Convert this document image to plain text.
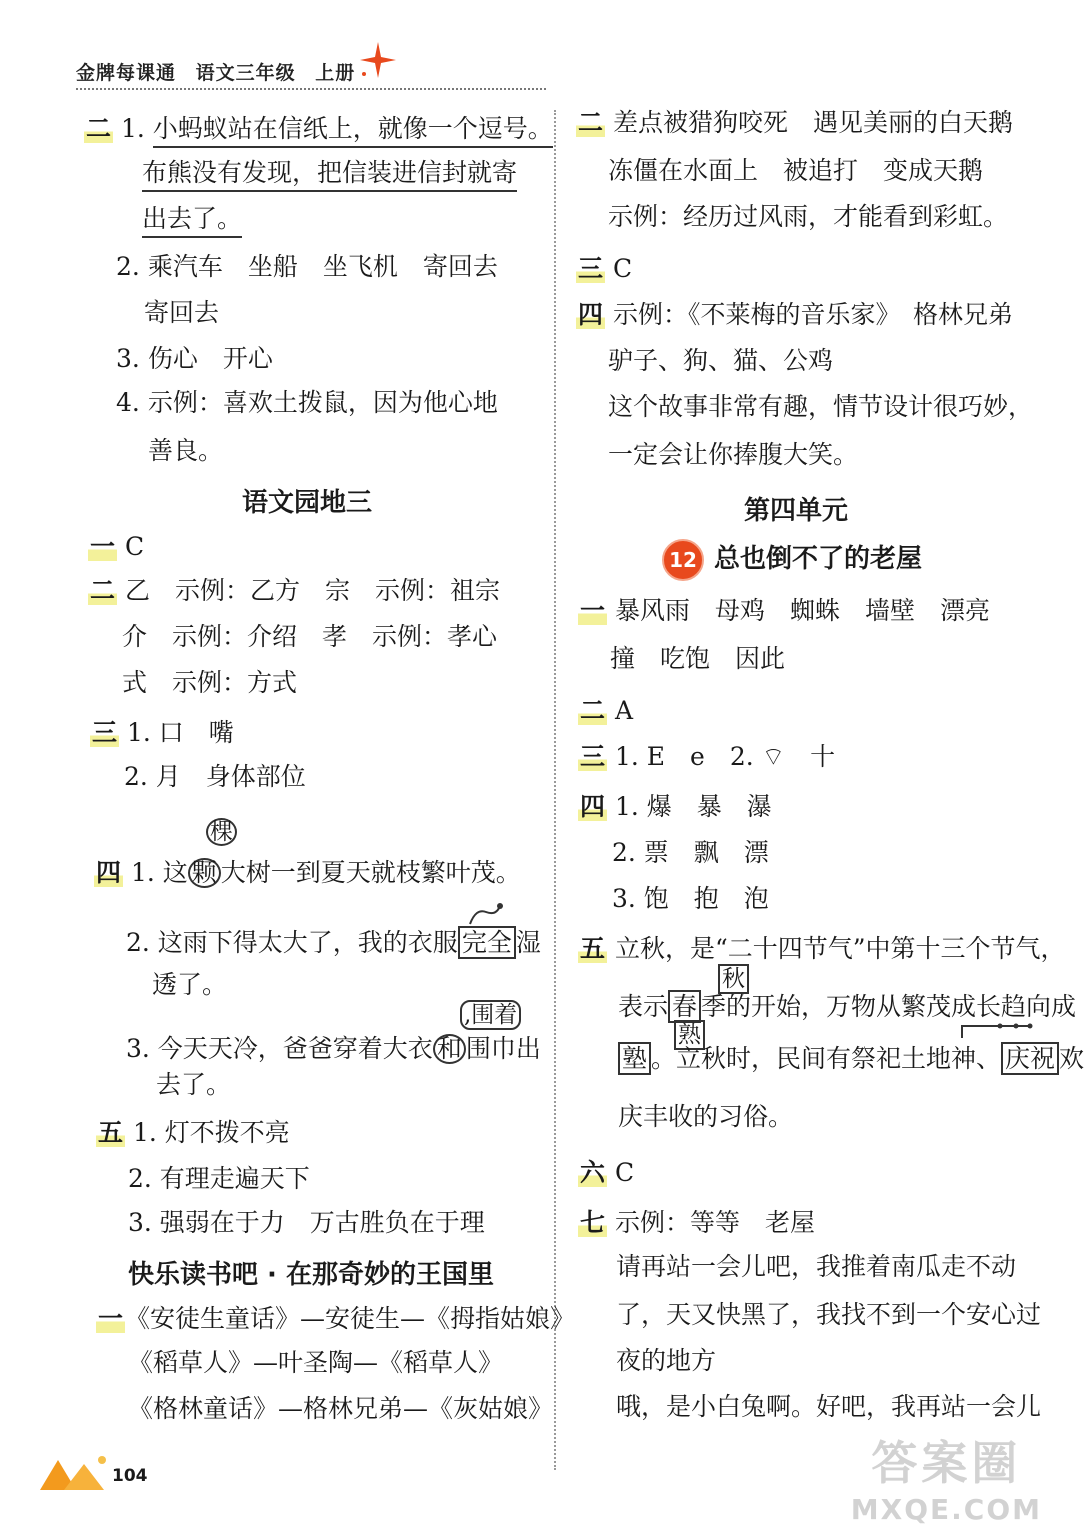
金牌每课通 语文三年级 上册
二 1. 小蚂蚁站在信纸上，就像一个逗号。
布熊没有发现，把信装进信封就寄
出去了。
2. 乘汽车　坐船　坐飞机　寄回去
寄回去
3. 伤心　开心
4. 示例：喜欢土拨鼠，因为他心地
善良。
语文园地三
一 C
二 乙　示例：乙方　宗　示例：祖宗
介　示例：介绍　孝　示例：孝心
式　示例：方式
三 1. 口　嘴
2. 月　身体部位
棵
四 1. 这 颗 大树一到夏天就枝繁叶茂。
2. 这雨下得太大了，我的衣服 完全 湿
透了。
,围着
3. 今天天冷，爸爸穿着大衣 和 围巾出
去了。
五 1. 灯不拨不亮
2. 有理走遍天下
3. 强弱在于力　万古胜负在于理
快乐读书吧 · 在那奇妙的王国里
一《安徒生童话》—安徒生—《拇指姑娘》
《稻草人》—叶圣陶—《稻草人》
《格林童话》—格林兄弟—《灰姑娘》
二 差点被猎狗咬死　遇见美丽的白天鹅
冻僵在水面上　被追打　变成天鹅
示例：经历过风雨，才能看到彩虹。
三 C
四 示例：《不莱梅的音乐家》　格林兄弟
驴子、狗、猫、公鸡
这个故事非常有趣，情节设计很巧妙，
一定会让你捧腹大笑。
第四单元
12 总也倒不了的老屋
一 暴风雨　母鸡　蜘蛛　墙壁　漂亮
撞　吃饱　因此
二 A
三 1. E　e　2. ⌔　十
四 1. 爆　暴　瀑
2. 票　飘　漂
3. 饱　抱　泡
五 立秋，是“二十四节气”中第十三个节气，
秋
表示 春 季的开始，万物从繁茂成长趋向成
熟
塾 。立秋时，民间有祭祀土地神、 庆祝 欢
庆丰收的习俗。
六 C
七 示例：等等　老屋
请再站一会儿吧，我推着南瓜走不动
了，天又快黑了，我找不到一个安心过
夜的地方
哦，是小白兔啊。好吧，我再站一会儿
104	答案圈
MXQE.COM
